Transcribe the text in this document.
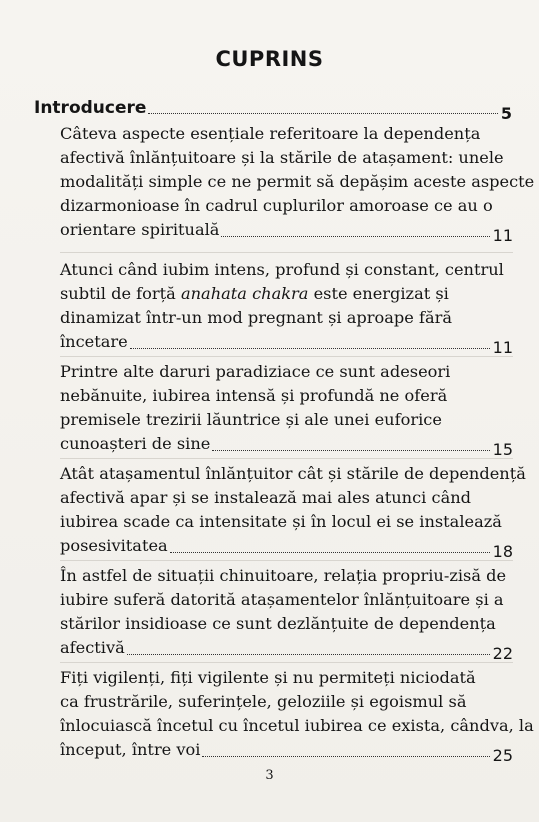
CUPRINS
Introducere	5
Câteva aspecte esențiale referitoare la dependența
afectivă înlănțuitoare și la stările de atașament: unele
modalități simple ce ne permit să depășim aceste aspecte
dizarmonioase în cadrul cuplurilor amoroase ce au o
orientare spirituală	11
Atunci când iubim intens, profund și constant, centrul
subtil de forță anahata chakra este energizat și
dinamizat într-un mod pregnant și aproape fără
încetare	11
Printre alte daruri paradiziace ce sunt adeseori
nebănuite, iubirea intensă și profundă ne oferă
premisele trezirii lăuntrice și ale unei euforice
cunoașteri de sine	15
Atât atașamentul înlănțuitor cât și stările de dependență
afectivă apar și se instalează mai ales atunci când
iubirea scade ca intensitate și în locul ei se instalează
posesivitatea	18
În astfel de situații chinuitoare, relația propriu-zisă de
iubire suferă datorită atașamentelor înlănțuitoare și a
stărilor insidioase ce sunt dezlănțuite de dependența
afectivă	22
Fiți vigilenți, fiți vigilente și nu permiteți niciodată
ca frustrările, suferințele, geloziile și egoismul să
înlocuiască încetul cu încetul iubirea ce exista, cândva, la
început, între voi	25
3
